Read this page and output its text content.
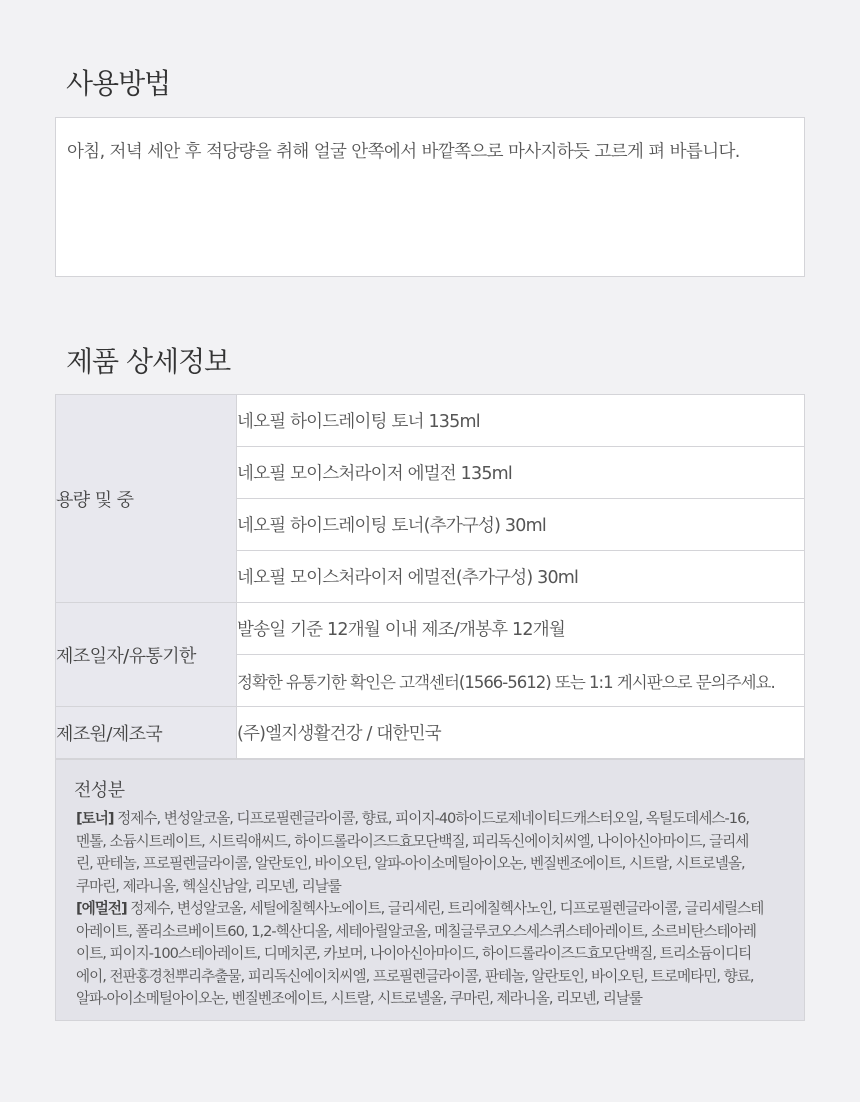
사용방법
아침, 저녁 세안 후 적당량을 취해 얼굴 안쪽에서 바깥쪽으로 마사지하듯 고르게 펴 바릅니다.
제품 상세정보
용량 및 중	네오필 하이드레이팅 토너 135ml
	네오필 모이스처라이저 에멀전 135ml
	네오필 하이드레이팅 토너(추가구성) 30ml
	네오필 모이스처라이저 에멀전(추가구성) 30ml
제조일자/유통기한	발송일 기준 12개월 이내 제조/개봉후 12개월
	정확한 유통기한 확인은 고객센터(1566-5612) 또는 1:1 게시판으로 문의주세요.
제조원/제조국	(주)엘지생활건강 / 대한민국
전성분
[토너] 정제수, 변성알코올, 디프로필렌글라이콜, 향료, 피이지-40하이드로제네이티드캐스터오일, 옥틸도데세스-16,
멘톨, 소듐시트레이트, 시트릭애씨드, 하이드롤라이즈드효모단백질, 피리독신에이치씨엘, 나이아신아마이드, 글리세
린, 판테놀, 프로필렌글라이콜, 알란토인, 바이오틴, 알파-아이소메틸아이오논, 벤질벤조에이트, 시트랄, 시트로넬올,
쿠마린, 제라니올, 헥실신남알, 리모넨, 리날룰
[에멀전] 정제수, 변성알코올, 세틸에칠헥사노에이트, 글리세린, 트리에칠헥사노인, 디프로필렌글라이콜, 글리세릴스테
아레이트, 폴리소르베이트60, 1,2-헥산디올, 세테아릴알코올, 메칠글루코오스세스퀴스테아레이트, 소르비탄스테아레
이트, 피이지-100스테아레이트, 디메치콘, 카보머, 나이아신아마이드, 하이드롤라이즈드효모단백질, 트리소듐이디티
에이, 전판홍경천뿌리추출물, 피리독신에이치씨엘, 프로필렌글라이콜, 판테놀, 알란토인, 바이오틴, 트로메타민, 향료,
알파-아이소메틸아이오논, 벤질벤조에이트, 시트랄, 시트로넬올, 쿠마린, 제라니올, 리모넨, 리날룰
